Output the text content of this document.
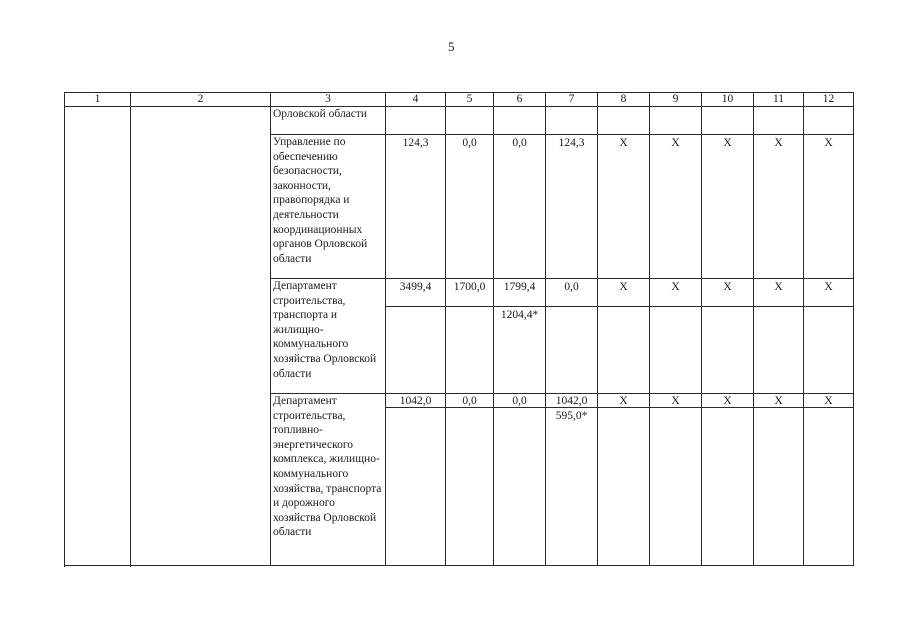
5
1	2	3	4	5	6	7	8	9	10	11	12
		Орловской области									
		Управление по обеспечению безопасности, законности, правопорядка и деятельности координационных органов Орловской области	124,3	0,0	0,0	124,3	X	X	X	X	X
		Департамент строительства, транспорта и жилищно-коммунального хозяйства Орловской области	3499,4	1700,0	1799,4	0,0	X	X	X	X	X
					1204,4*						
		Департамент строительства, топливно-энергетического комплекса, жилищно-коммунального хозяйства, транспорта и дорожного хозяйства Орловской области	1042,0	0,0	0,0	1042,0	X	X	X	X	X
						595,0*					
